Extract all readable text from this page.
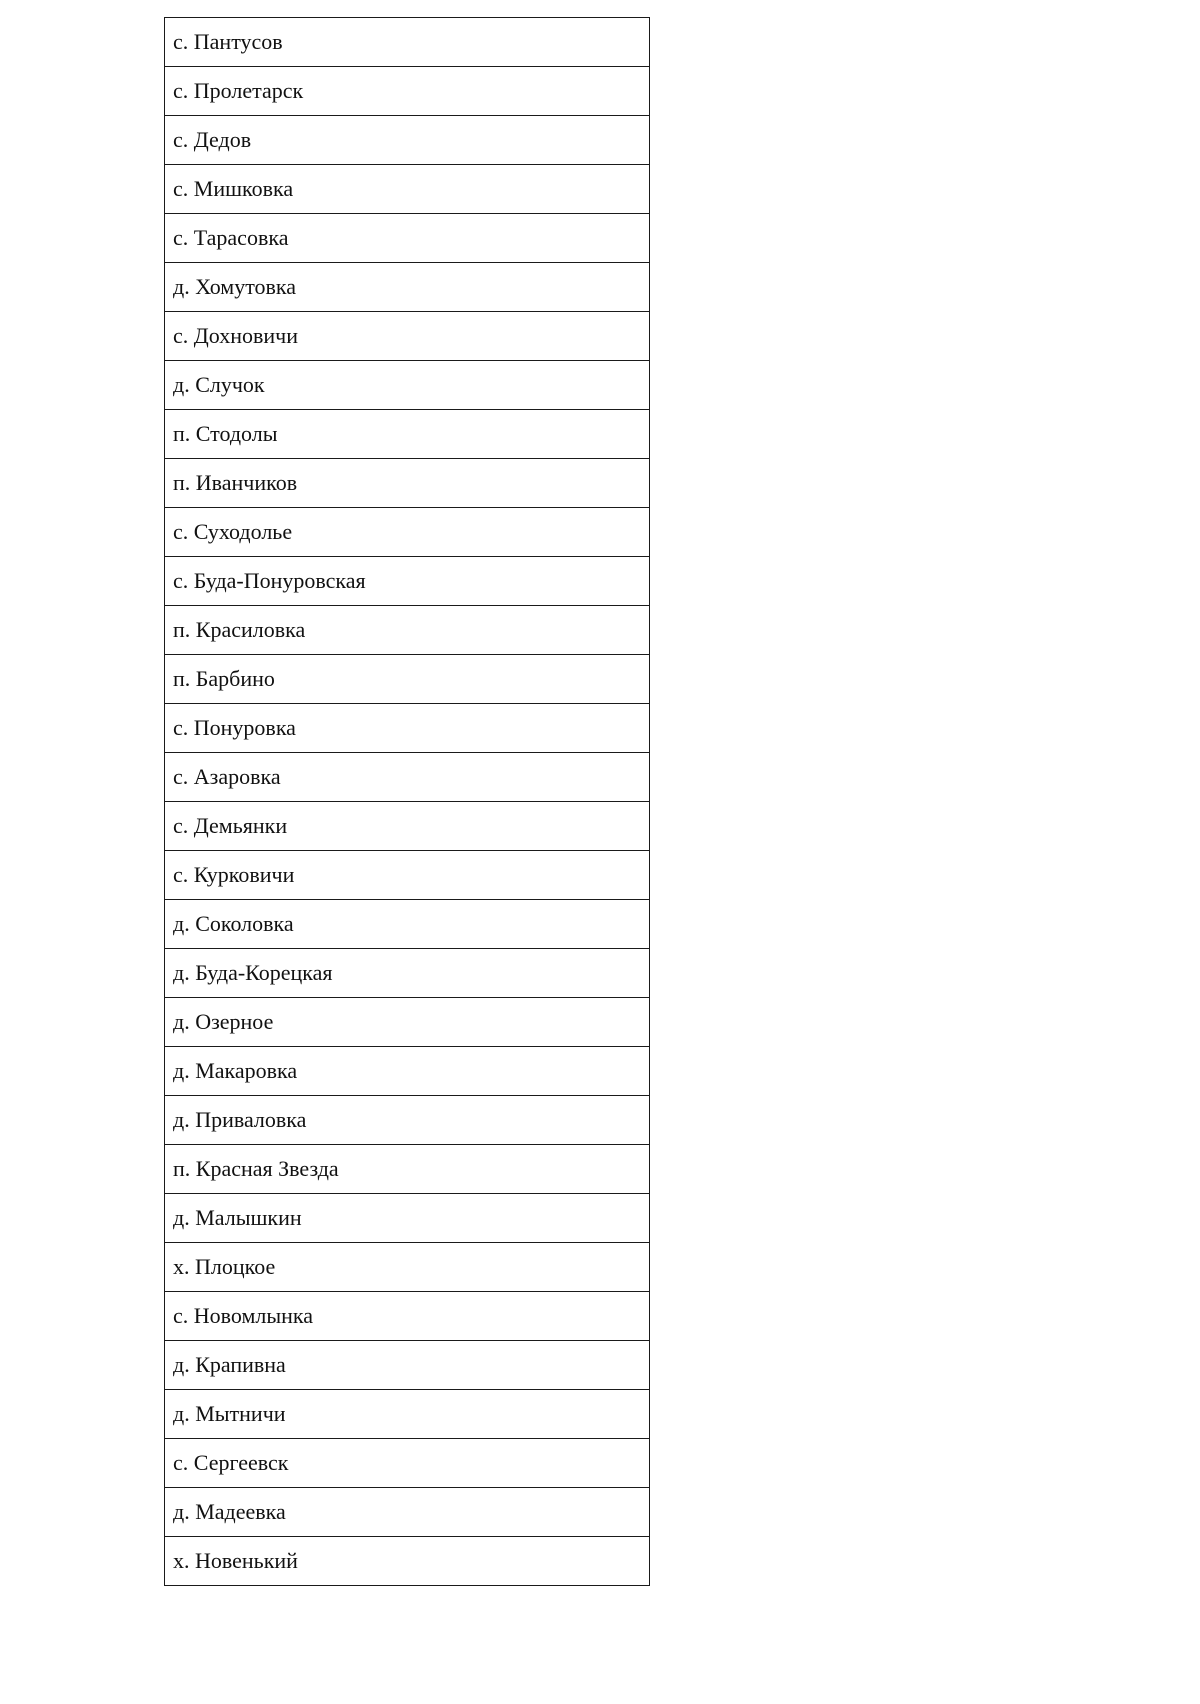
с. Пантусов
с. Пролетарск
с. Дедов
с. Мишковка
с. Тарасовка
д. Хомутовка
с. Дохновичи
д. Случок
п. Стодолы
п. Иванчиков
с. Суходолье
с. Буда-Понуровская
п. Красиловка
п. Барбино
с. Понуровка
с. Азаровка
с. Демьянки
с. Курковичи
д. Соколовка
д. Буда-Корецкая
д. Озерное
д. Макаровка
д. Приваловка
п. Красная Звезда
д. Малышкин
х. Плоцкое
с. Новомлынка
д. Крапивна
д. Мытничи
с. Сергеевск
д. Мадеевка
х. Новенький
